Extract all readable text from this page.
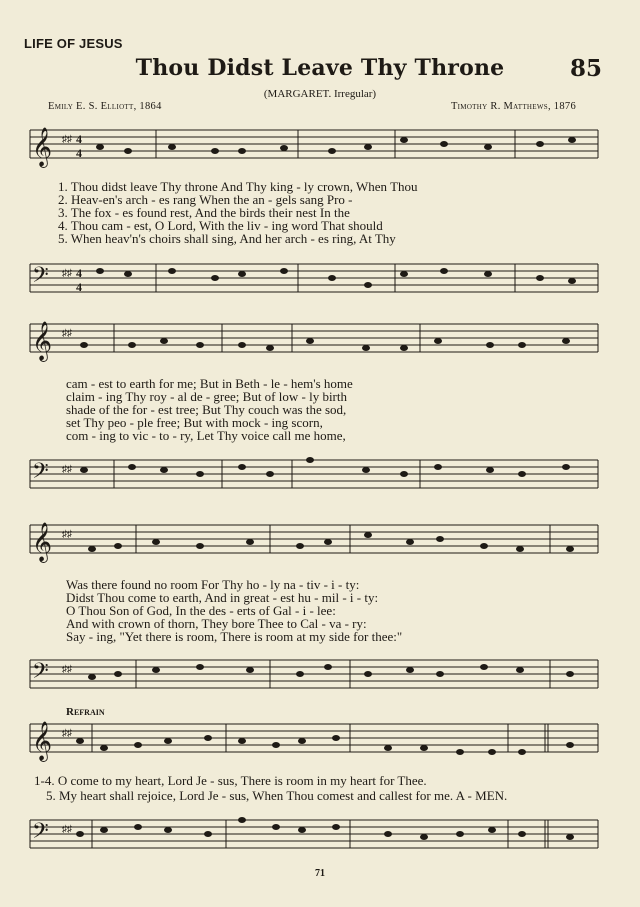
LIFE OF JESUS
Thou Didst Leave Thy Throne	85
(MARGARET. Irregular)
Emily E. S. Elliott, 1864	Timothy R. Matthews, 1876
𝄞 ♯♯ 4
4
1. Thou didst leave Thy throne And Thy king - ly crown, When Thou
2. Heav-en's arch - es rang When the an - gels sang Pro -
3. The fox - es found rest, And the birds their nest In the
4. Thou cam - est, O Lord, With the liv - ing word That should
5. When heav'n's choirs shall sing, And her arch - es ring, At Thy
𝄢 ♯♯ 4
4
𝄞 ♯♯
cam - est to earth for me; But in Beth - le - hem's home
claim - ing Thy roy - al de - gree; But of low - ly birth
shade of the for - est tree; But Thy couch was the sod,
set Thy peo - ple free; But with mock - ing scorn,
com - ing to vic - to - ry, Let Thy voice call me home,
𝄢 ♯♯
𝄞 ♯♯
Was there found no room For Thy ho - ly na - tiv - i - ty:
Didst Thou come to earth, And in great - est hu - mil - i - ty:
O Thou Son of God, In the des - erts of Gal - i - lee:
And with crown of thorn, They bore Thee to Cal - va - ry:
Say - ing, "Yet there is room, There is room at my side for thee:"
𝄢 ♯♯
Refrain
𝄞 ♯♯
1-4. O come to my heart, Lord Je - sus, There is room in my heart for Thee.
5. My heart shall rejoice, Lord Je - sus, When Thou comest and callest for me. A - MEN.
𝄢 ♯♯
71
